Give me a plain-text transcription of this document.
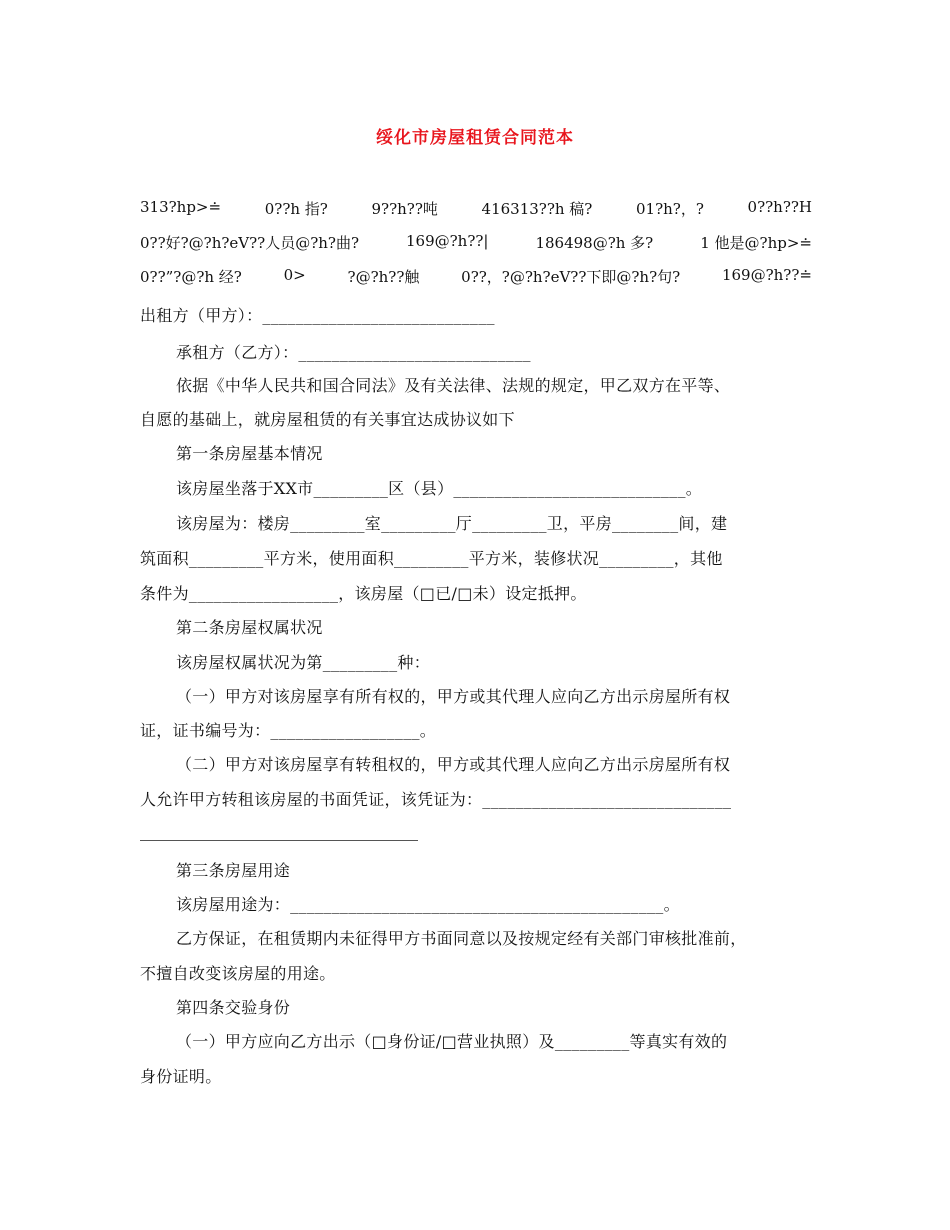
绥化市房屋租赁合同范本
313?hp>≐	0??h 指?	9??h??吨	416313??h 稿?	01?h?，?	0??h??H
0??好?@?h?eV??人员@?h?曲?	169@?h??|	186498@?h 多?	1 他是@?hp>≐
0??”?@?h 经?	0>	?@?h??触	0??，?@?h?eV??下即@?h?句?	169@?h??≐
出租方（甲方）：____________________________
承租方（乙方）：____________________________
依据《中华人民共和国合同法》及有关法律、法规的规定，甲乙双方在平等、
自愿的基础上，就房屋租赁的有关事宜达成协议如下
第一条房屋基本情况
该房屋坐落于XX市_________区（县）____________________________。
该房屋为：楼房_________室_________厅_________卫，平房________间，建
筑面积_________平方米，使用面积_________平方米，装修状况_________，其他
条件为__________________，该房屋（□已/□未）设定抵押。
第二条房屋权属状况
该房屋权属状况为第_________种：
（一）甲方对该房屋享有所有权的，甲方或其代理人应向乙方出示房屋所有权
证，证书编号为：__________________。
（二）甲方对该房屋享有转租权的，甲方或其代理人应向乙方出示房屋所有权
人允许甲方转租该房屋的书面凭证，该凭证为：______________________________
第三条房屋用途
该房屋用途为：_____________________________________________。
乙方保证，在租赁期内未征得甲方书面同意以及按规定经有关部门审核批准前，
不擅自改变该房屋的用途。
第四条交验身份
（一）甲方应向乙方出示（□身份证/□营业执照）及_________等真实有效的
身份证明。
